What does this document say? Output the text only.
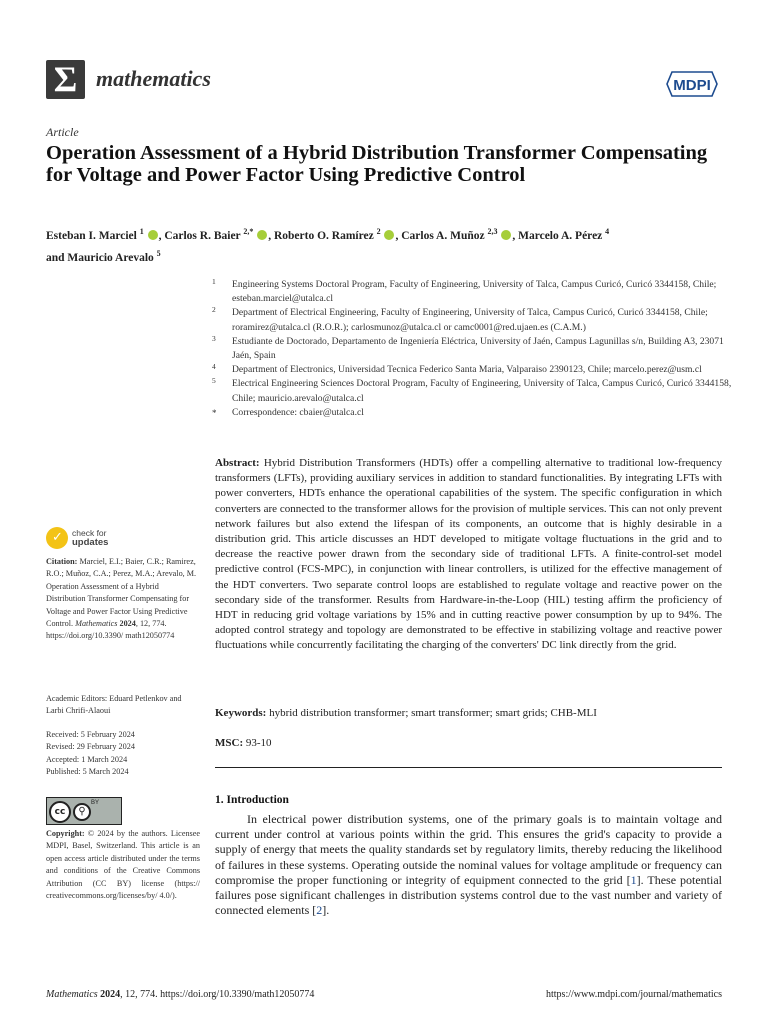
Σ mathematics	MDPI
Article
Operation Assessment of a Hybrid Distribution Transformer Compensating for Voltage and Power Factor Using Predictive Control
Esteban I. Marciel $^1$ , Carlos R. Baier $^{2,*}$ , Roberto O. Ramírez $^2$ , Carlos A. Muñoz $^{2,3}$ , Marcelo A. Pérez $^4$
and Mauricio Arevalo $^5$
1 Engineering Systems Doctoral Program, Faculty of Engineering, University of Talca, Campus Curicó, Curicó 3344158, Chile; esteban.marciel@utalca.cl
2 Department of Electrical Engineering, Faculty of Engineering, University of Talca, Campus Curicó, Curicó 3344158, Chile; roramirez@utalca.cl (R.O.R.); carlosmunoz@utalca.cl or camc0001@red.ujaen.es (C.A.M.)
3 Estudiante de Doctorado, Departamento de Ingeniería Eléctrica, University of Jaén, Campus Lagunillas s/n, Building A3, 23071 Jaén, Spain
4 Department of Electronics, Universidad Tecnica Federico Santa Maria, Valparaiso 2390123, Chile; marcelo.perez@usm.cl
5 Electrical Engineering Sciences Doctoral Program, Faculty of Engineering, University of Talca, Campus Curicó, Curicó 3344158, Chile; mauricio.arevalo@utalca.cl
* Correspondence: cbaier@utalca.cl
Abstract: Hybrid Distribution Transformers (HDTs) offer a compelling alternative to traditional low-frequency transformers (LFTs), providing auxiliary services in addition to standard functionalities. By integrating LFTs with power converters, HDTs enhance the operational capabilities of the system. The specific configuration in which converters are connected to the transformer allows for the provision of multiple services. This can not only prevent network failures but also extend the lifespan of its components, an outcome that is highly desirable in a distribution grid. This article discusses an HDT developed to mitigate voltage fluctuations in the grid and to decrease the reactive power drawn from the secondary side of traditional LFTs. A finite-control-set model predictive control (FCS-MPC), in conjunction with linear controllers, is utilized for the effective management of the HDT converters. Two separate control loops are established to regulate voltage and reactive power on the secondary side of the transformer. Results from Hardware-in-the-Loop (HIL) testing affirm the proficiency of HDT in reducing grid voltage variations by 15% and in cutting reactive power consumption by up to 94%. The adopted control strategy and topology are demonstrated to be effective in stabilizing voltage and reactive power fluctuations while concurrently facilitating the charging of the converters' DC link directly from the grid.
Keywords: hybrid distribution transformer; smart transformer; smart grids; CHB-MLI
MSC: 93-10
1. Introduction
In electrical power distribution systems, one of the primary goals is to maintain voltage and current under control at various points within the grid. This ensures the grid's capacity to provide a supply of energy that meets the quality standards set by regulatory limits, thereby reducing the likelihood of failures in these systems. Operating outside the nominal values for voltage amplitude or frequency can compromise the proper functioning or integrity of equipment connected to the grid [1]. These potential failures pose significant challenges in distribution systems control due to the vast number and variety of connected elements [2].
✓ check for
updates
Citation: Marciel, E.I.; Baier, C.R.; Ramirez, R.O.; Muñoz, C.A.; Perez, M.A.; Arevalo, M. Operation Assessment of a Hybrid Distribution Transformer Compensating for Voltage and Power Factor Using Predictive Control. Mathematics 2024, 12, 774. https://doi.org/10.3390/ math12050774
Academic Editors: Eduard Petlenkov and Larbi Chrifi-Alaoui
Received: 5 February 2024
Revised: 29 February 2024
Accepted: 1 March 2024
Published: 5 March 2024
cc	⚲
BY
Copyright: © 2024 by the authors. Licensee MDPI, Basel, Switzerland. This article is an open access article distributed under the terms and conditions of the Creative Commons Attribution (CC BY) license (https:// creativecommons.org/licenses/by/ 4.0/).
Mathematics 2024, 12, 774. https://doi.org/10.3390/math12050774	https://www.mdpi.com/journal/mathematics
